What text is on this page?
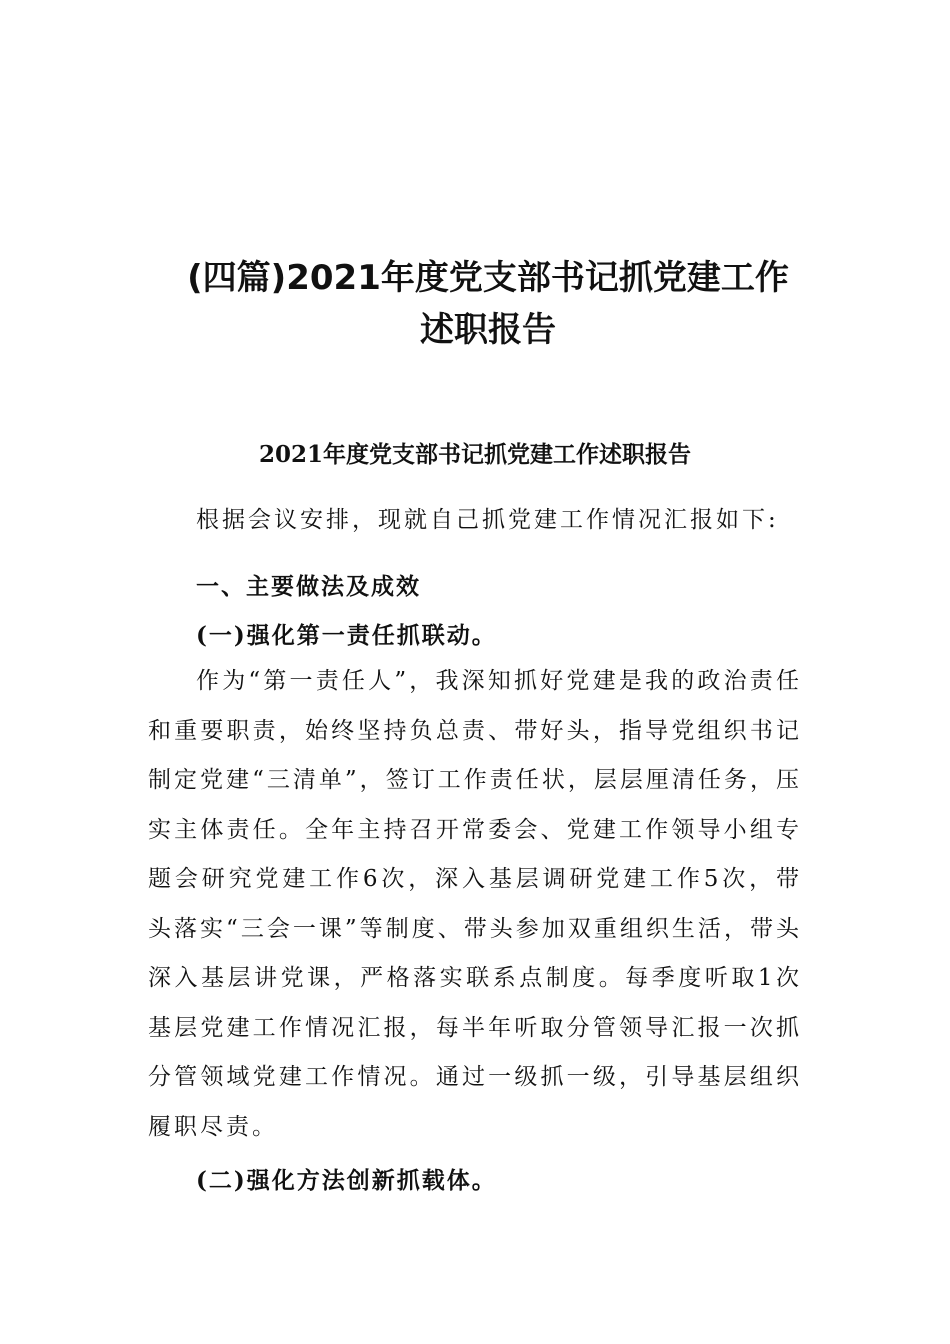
(四篇)2021年度党支部书记抓党建工作
述职报告
2021年度党支部书记抓党建工作述职报告

根据会议安排，现就自己抓党建工作情况汇报如下:

一、主要做法及成效
(一)强化第一责任抓联动。

作为“第一责任人”，我深知抓好党建是我的政治责任和重要职责，始终坚持负总责、带好头，指导党组织书记制定党建“三清单”，签订工作责任状，层层厘清任务，压实主体责任。全年主持召开常委会、党建工作领导小组专题会研究党建工作6次，深入基层调研党建工作5次，带头落实“三会一课”等制度、带头参加双重组织生活，带头深入基层讲党课，严格落实联系点制度。每季度听取1次基层党建工作情况汇报，每半年听取分管领导汇报一次抓分管领域党建工作情况。通过一级抓一级，引导基层组织履职尽责。

(二)强化方法创新抓载体。
